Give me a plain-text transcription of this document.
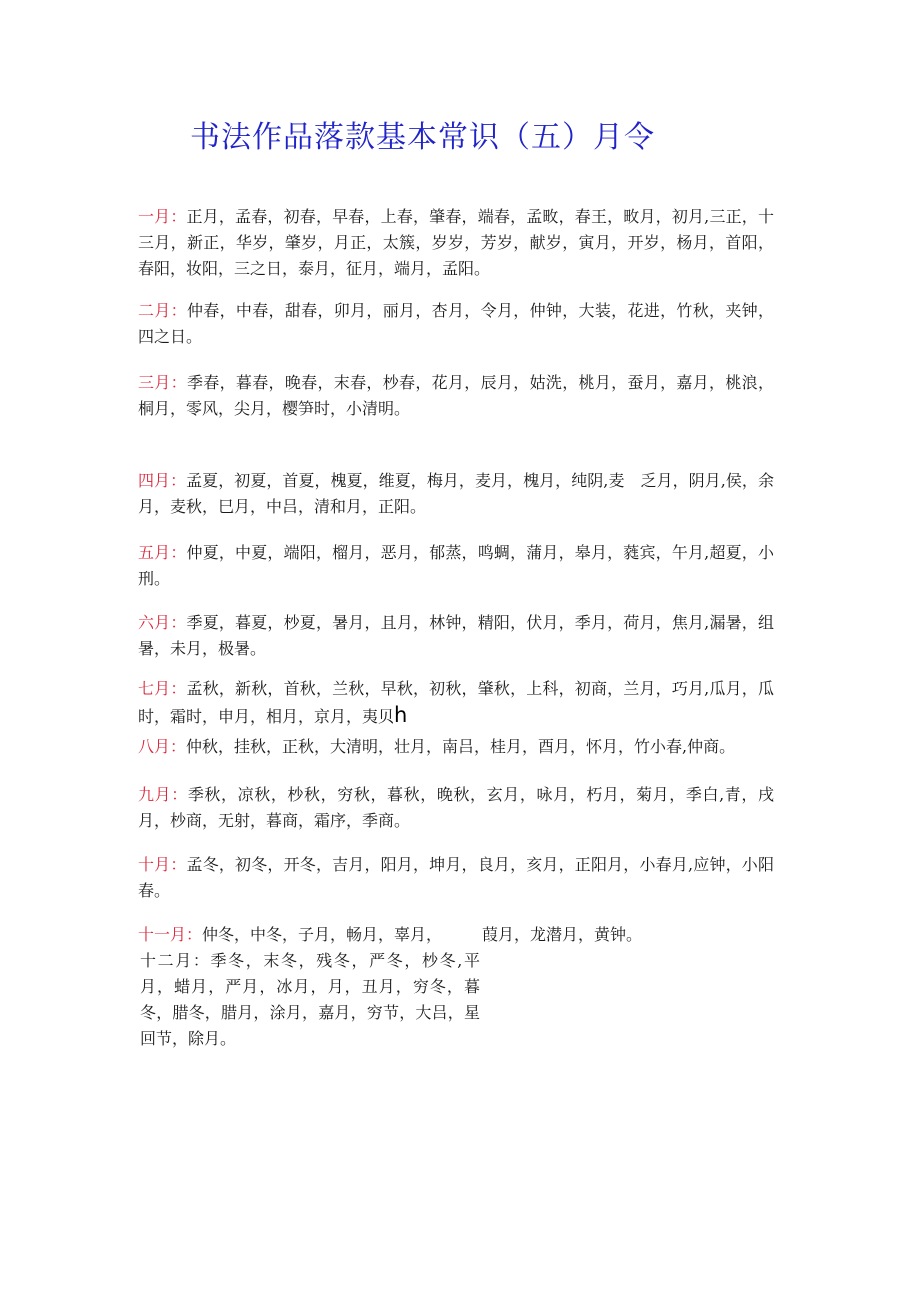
书法作品落款基本常识（五）月令
一月：正月，孟春，初春，早春，上春，肇春，端春，孟畋，春王，畋月，初月,三正，十三月，新正，华岁，肇岁，月正，太簇，岁岁，芳岁，献岁，寅月，开岁，杨月，首阳，春阳，妆阳，三之日，泰月，征月，端月，孟阳。
二月：仲春，中春，甜春，卯月，丽月，杏月，令月，仲钟，大装，花进，竹秋，夹钟，四之日。
三月：季春，暮春，晚春，末春，杪春，花月，辰月，姑洗，桃月，蚕月，嘉月，桃浪，桐月，零风，尖月，樱笋时，小清明。
四月：孟夏，初夏，首夏，槐夏，维夏，梅月，麦月，槐月，纯阴,麦　乏月，阴月,侯，余月，麦秋，巳月，中吕，清和月，正阳。
五月：仲夏，中夏，端阳，榴月，恶月，郁蒸，鸣蜩，蒲月，皋月，蕤宾，午月,超夏，小刑。
六月：季夏，暮夏，杪夏，暑月，且月，林钟，精阳，伏月，季月，荷月，焦月,漏暑，组暑，未月，极暑。
七月：孟秋，新秋，首秋，兰秋，早秋，初秋，肇秋，上科，初商，兰月，巧月,瓜月，瓜时，霜时，申月，相月，京月，夷贝h
八月：仲秋，挂秋，正秋，大清明，壮月，南吕，桂月，酉月，怀月，竹小春,仲商。
九月：季秋，凉秋，杪秋，穷秋，暮秋，晚秋，玄月，咏月，朽月，菊月，季白,青，戌月，杪商，无射，暮商，霜序，季商。
十月：孟冬，初冬，开冬，吉月，阳月，坤月，良月，亥月，正阳月，小春月,应钟，小阳春。
十一月：仲冬，中冬，子月，畅月，辜月，　　　葭月，龙潜月，黄钟。
十二月：季冬，末冬，残冬，严冬，杪冬,平月，蜡月，严月，冰月，月，丑月，穷冬，暮冬，腊冬，腊月，涂月，嘉月，穷节，大吕，星回节，除月。
